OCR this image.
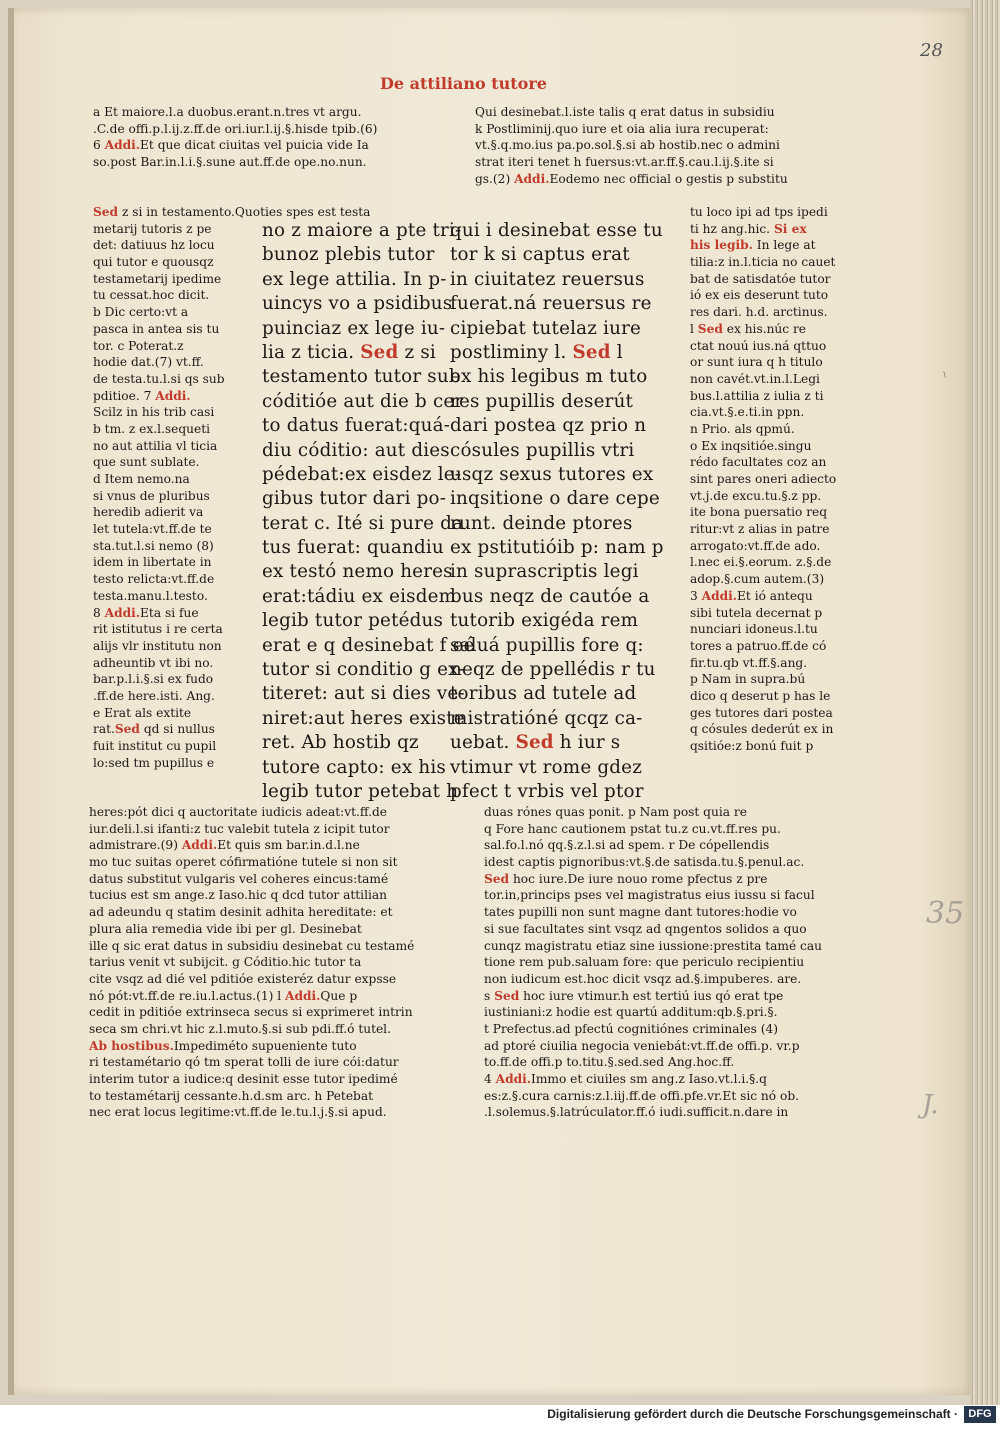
28
De attiliano tutore
a Et maiore.l.a duobus.erant.n.tres vt argu.
.C.de offi.p.l.ij.z.ff.de ori.iur.l.ij.§.hisde tpib.(6)
6 Addi.Et que dicat ciuitas vel puicia vide Ia
so.post Bar.in.l.i.§.sune aut.ff.de ope.no.nun.
Qui desinebat.l.iste talis q erat datus in subsidiu
k Postliminij.quo iure et oia alia iura recuperat:
vt.§.q.mo.ius pa.po.sol.§.si ab hostib.nec o admini
strat iteri tenet h fuersus:vt.ar.ff.§.cau.l.ij.§.ite si
gs.(2) Addi.Eodemo nec official o gestis p substitu
Sed z si in testamento.Quoties spes est testa
metarij tutoris z pe
det: datiuus hz locu
qui tutor e quousqz
testametarij ipedime
tu cessat.hoc dicit.
b Dic certo:vt a
pasca in antea sis tu
tor. c Poterat.z
hodie dat.(7) vt.ff.
de testa.tu.l.si qs sub
pditioe. 7 Addi.
Scilz in his trib casi
b tm. z ex.l.sequeti
no aut attilia vl ticia
que sunt sublate.
d Item nemo.na
si vnus de pluribus
heredib adierit va
let tutela:vt.ff.de te
sta.tut.l.si nemo (8)
idem in libertate in
testo relicta:vt.ff.de
testa.manu.l.testo.
8 Addi.Eta si fue
rit istitutus i re certa
alijs vlr institutu non
adheuntib vt ibi no.
bar.p.l.i.§.si ex fudo
.ff.de here.isti. Ang.
e Erat als extite
rat.Sed qd si nullus
fuit institut cu pupil
lo:sed tm pupillus e
no z maiore a pte tri-
bunoz plebis tutor
ex lege attilia. In p-
uincys vo a psidibus
puinciaz ex lege iu-
lia z ticia. Sed z si
testamento tutor sub
códitióe aut die b cer
to datus fuerat:quá-
diu códitio: aut dies
pédebat:ex eisdez le-
gibus tutor dari po-
terat c. Ité si pure da
tus fuerat: quandiu
ex testó nemo heres
erat:tádiu ex eisdem
legib tutor petédus
erat e q desinebat f eé
tutor si conditio g ex-
titeret: aut si dies ve-
niret:aut heres existe
ret. Ab hostib qz
tutore capto: ex his
legib tutor petebat h
qui i desinebat esse tu
tor k si captus erat
in ciuitatez reuersus
fuerat.ná reuersus re
cipiebat tutelaz iure
postliminy l. Sed l
ex his legibus m tuto
res pupillis deserút
dari postea qz prio n
cósules pupillis vtri
usqz sexus tutores ex
inqsitione o dare cepe
runt. deinde ptores
ex pstitutióib p: nam p
in suprascriptis legi
bus neqz de cautóe a
tutorib exigéda rem
saluá pupillis fore q:
neqz de ppellédis r tu
toribus ad tutele ad
mistratióné qcqz ca-
uebat. Sed h iur s
vtimur vt rome gdez
pfect t vrbis vel ptor
tu loco ipi ad tps ipedi
ti hz ang.hic. Si ex
his legib. In lege at
tilia:z in.l.ticia no cauet
bat de satisdatóe tutor
ió ex eis deserunt tuto
res dari. h.d. arctinus.
l Sed ex his.núc re
ctat nouú ius.ná qttuo
or sunt iura q h titulo
non cavét.vt.in.l.Legi
bus.l.attilia z iulia z ti
cia.vt.§.e.ti.in ppn.
n Prio. als qpmú.
o Ex inqsitióe.singu
rédo facultates coz an
sint pares oneri adiecto
vt.j.de excu.tu.§.z pp.
ite bona puersatio req
ritur:vt z alias in patre
arrogato:vt.ff.de ado.
l.nec ei.§.eorum. z.§.de
adop.§.cum autem.(3)
3 Addi.Et ió antequ
sibi tutela decernat p
nunciari idoneus.l.tu
tores a patruo.ff.de có
fir.tu.qb vt.ff.§.ang.
p Nam in supra.bú
dico q deserut p has le
ges tutores dari postea
q cósules dederút ex in
qsitióe:z bonú fuit p
heres:pót dici q auctoritate iudicis adeat:vt.ff.de
iur.deli.l.si ifanti:z tuc valebit tutela z icipit tutor
admistrare.(9) Addi.Et quis sm bar.in.d.l.ne
mo tuc suitas operet cófirmatióne tutele si non sit
datus substitut vulgaris vel coheres eincus:tamé
tucius est sm ange.z Iaso.hic q dcd tutor attilian
ad adeundu q statim desinit adhita hereditate: et
plura alia remedia vide ibi per gl. Desinebat
ille q sic erat datus in subsidiu desinebat cu testamé
tarius venit vt subijcit. g Códitio.hic tutor ta
cite vsqz ad dié vel pditióe existeréz datur expsse
nó pót:vt.ff.de re.iu.l.actus.(1) l Addi.Que p
cedit in pditióe extrinseca secus si exprimeret intrin
seca sm chri.vt hic z.l.muto.§.si sub pdi.ff.ó tutel.
Ab hostibus.Impediméto supueniente tuto
ri testamétario qó tm sperat tolli de iure cói:datur
interim tutor a iudice:q desinit esse tutor ipedimé
to testamétarij cessante.h.d.sm arc. h Petebat
nec erat locus legitime:vt.ff.de le.tu.l.j.§.si apud.
duas rónes quas ponit. p Nam post quia re
q Fore hanc cautionem pstat tu.z cu.vt.ff.res pu.
sal.fo.l.nó qq.§.z.l.si ad spem. r De cópellendis
idest captis pignoribus:vt.§.de satisda.tu.§.penul.ac.
Sed hoc iure.De iure nouo rome pfectus z pre
tor.in,princips pses vel magistratus eius iussu si facul
tates pupilli non sunt magne dant tutores:hodie vo
si sue facultates sint vsqz ad qngentos solidos a quo
cunqz magistratu etiaz sine iussione:prestita tamé cau
tione rem pub.saluam fore: que periculo recipientiu
non iudicum est.hoc dicit vsqz ad.§.impuberes. are.
s Sed hoc iure vtimur.h est tertiú ius qó erat tpe
iustiniani:z hodie est quartú additum:qb.§.pri.§.
t Prefectus.ad pfectú cognitiónes criminales (4)
ad ptoré ciuilia negocia veniebát:vt.ff.de offi.p. vr.p
to.ff.de offi.p to.titu.§.sed.sed Ang.hoc.ff.
4 Addi.Immo et ciuiles sm ang.z Iaso.vt.l.i.§.q
es:z.§.cura carnis:z.l.iij.ff.de offi.pfe.vr.Et sic nó ob.
.l.solemus.§.latrúculator.ff.ó iudi.sufficit.n.dare in
~
35
J.
Digitalisierung gefördert durch die Deutsche Forschungsgemeinschaft · DFG
